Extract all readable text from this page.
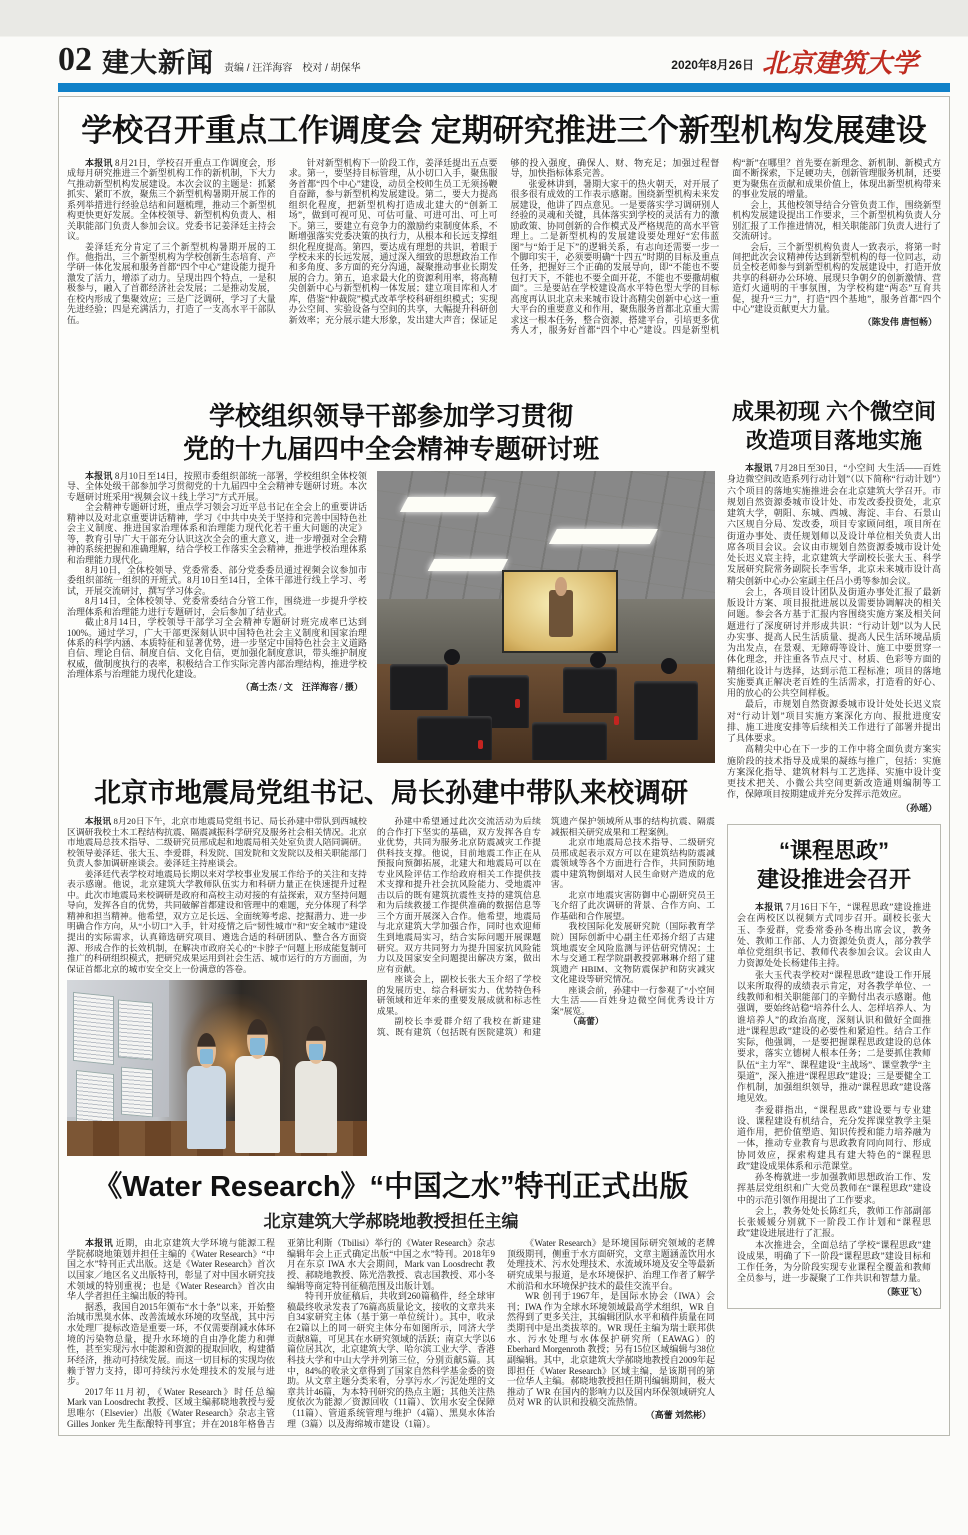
02 建大新闻 责编 / 汪洋海容　校对 / 胡保华	2020年8月26日 北京建筑大学
学校召开重点工作调度会 定期研究推进三个新型机构发展建设

本报讯 8月21日，学校召开重点工作调度会，形成每月研究推进三个新型机构工作的新机制，下大力气推动新型机构发展建设。本次会议的主题是：抓紧抓实、紧盯不放，聚焦三个新型机构暑期开展工作的系列举措进行经验总结和问题梳理，推动三个新型机构更快更好发展。全体校领导、新型机构负责人、相关职能部门负责人参加会议。党委书记姜泽廷主持会议。

姜泽廷充分肯定了三个新型机构暑期开展的工作。他指出，三个新型机构为学校创新生态培育、产学研一体化发展和服务首都“四个中心”建设能力提升激发了活力，增添了动力。呈现出四个特点，一是积极参与，融入了首都经济社会发展；二是推动发展，在校内形成了集聚效应；三是广泛调研，学习了大量先进经验；四是充满活力，打造了一支高水平干部队伍。

针对新型机构下一阶段工作，姜泽廷提出五点要求。第一，要坚持目标管理，从小切口入手，聚焦服务首都“四个中心”建设，动员全校师生员工无须扬鞭自奋蹄，参与新型机构发展建设。第二，要大力提高组织化程度，把新型机构打造成北建大的“创新工场”，做到可视可见、可估可量、可进可出、可上可下。第三，要建立有竞争力的激励约束制度体系，不断增强落实党委决策的执行力，从根本和长远支撑组织化程度提高。第四，要达成有理想的共识，着眼于学校未来的长远发展，通过深入细致的思想政治工作和多角度、多方面的充分沟通，凝聚推动事业长期发展的合力。第五，追求最大化的资源利用率，将高精尖创新中心与新型机构一体发展；建立项目库和人才库，借鉴“仲裁院”模式改革学校科研组织模式；实现办公空间、实验设备与空间的共享，大幅提升科研创新效率；充分展示建大形象，发出建大声音；保证足够的投入强度，确保人、财、物充足；加强过程督导，加快指标体系完善。

张爱林讲到，暑期大家干的热火朝天，对开展了很多很有成效的工作表示感谢。围绕新型机构未来发展建设，他讲了四点意见。一是要落实学习调研别人经验的灵魂和关键，具体落实到学校的灵活有力的激励政策、协同创新的合作模式及严格规范的高水平管理上。二是新型机构的发展建设要处理好“宏伟蓝图”与“始于足下”的逻辑关系，有志向还需要一步一个脚印实干，必须要明确“十四五”时期的目标及重点任务，把握好三个正确的发展导向，即“不能也不要包打天下，不能也不要全面开花，不能也不要撒胡椒面”。三是要站在学校建设高水平特色型大学的目标高度再认识北京未来城市设计高精尖创新中心这一重大平台的重要意义和作用，聚焦服务首都北京重大需求这一根本任务，整合资源，搭建平台，引培更多优秀人才，服务好首都“四个中心”建设。四是新型机构“新”在哪里？首先要在新理念、新机制、新模式方面不断探索，下足硬功夫，创新管理服务机制，还要更为聚焦在贡献和成果价值上，体现出新型机构带来的事业发展的增量。

会上，其他校领导结合分管负责工作，围绕新型机构发展建设提出工作要求，三个新型机构负责人分别汇报了工作推进情况，相关职能部门负责人进行了交流研讨。

会后，三个新型机构负责人一致表示，将第一时间把此次会议精神传达到新型机构的每一位同志，动员全校老师参与到新型机构的发展建设中，打造开放共享的科研办公环境、展现只争朝夕的创新激情、营造灯火通明的干事氛围，为学校构建“两态”互育共促，提升“三力”，打造“四个基地”，服务首都“四个中心”建设贡献更大力量。

（陈发伟 唐恒畅）

学校组织领导干部参加学习贯彻
党的十九届四中全会精神专题研讨班

本报讯 8月10日至14日，按照市委组织部统一部署，学校组织全体校领导、全体处级干部参加学习贯彻党的十九届四中全会精神专题研讨班。本次专题研讨班采用“视频会议＋线上学习”方式开展。

全会精神专题研讨班，重点学习领会习近平总书记在全会上的重要讲话精神以及对北京重要讲话精神，学习《中共中央关于坚持和完善中国特色社会主义制度、推进国家治理体系和治理能力现代化若干重大问题的决定》等，教育引导广大干部充分认识这次全会的重大意义，进一步增强对全会精神的系统把握和准确理解，结合学校工作落实全会精神，推进学校治理体系和治理能力现代化。

8月10日，全体校领导、党委常委、部分党委委员通过视频会议参加市委组织部统一组织的开班式。8月10日至14日，全体干部进行线上学习、考试，开展交流研讨，撰写学习体会。

8月14日，全体校领导、党委常委结合分管工作，围绕进一步提升学校治理体系和治理能力进行专题研讨，会后参加了结业式。

截止8月14日，学校领导干部学习全会精神专题研讨班完成率已达到100%。通过学习，广大干部更深刻认识中国特色社会主义制度和国家治理体系的科学内涵、本质特征和显著优势，进一步坚定中国特色社会主义道路自信、理论自信、制度自信、文化自信，更加强化制度意识，带头维护制度权威，做制度执行的表率，积极结合工作实际完善内部治理结构，推进学校治理体系与治理能力现代化建设。

（高士杰 / 文　汪洋海容 / 摄）

北京市地震局党组书记、局长孙建中带队来校调研

本报讯 8月20日下午，北京市地震局党组书记、局长孙建中带队到西城校区调研我校土木工程结构抗震、隔震减振科学研究及服务社会相关情况。北京市地震局总技术指导、二级研究员邢成起和地震局相关处室负责人陪同调研。校领导姜泽廷、张大玉、李爱群，科发院、国发院和文发院以及相关职能部门负责人参加调研座谈会。姜泽廷主持座谈会。

姜泽廷代表学校对地震局长期以来对学校事业发展工作给予的关注和支持表示感谢。他说，北京建筑大学教师队伍实力和科研力量正在快速提升过程中。此次市地震局来校调研是政府和高校主动对接的有益探索，双方坚持问题导向，发挥各自的优势，共同破解首都建设和管理中的难题，充分体现了科学精神和担当精神。他希望，双方立足长远、全面统筹考虑、挖掘潜力、进一步明确合作方向，从“小切口”入手，针对疫情之后“韧性城市”和“安全城市”建设提出的实际需求，认真筛选研究项目、遴选合适的科研团队、整合各方面资源、形成合作的长效机制，在解决市政府关心的“卡脖子”问题上形成能复制可推广的科研组织模式，把研究成果运用到社会生活、城市运行的方方面面，为保证首都北京的城市安全交上一份满意的答卷。

孙建中希望通过此次交流活动为后续的合作打下坚实的基础，双方发挥各自专业优势，共同为服务北京防震减灾工作提供科技支撑。他说，目前地震工作正在从预报向预御拓展，北建大和地震局可以在专业风险评估工作给政府相关工作提供技术支撑和提升社会抗风险能力、受地震冲击以后的既有建筑抗震性支持的建筑信息和为后续救援工作提供准确的数据信息等三个方面开展深入合作。他希望，地震局与北京建筑大学加强合作，同时也欢迎师生到地震局实习，结合实际问题开展课题研究。双方共同努力为提升国家抗风险能力以及国家安全问题提出解决方案，做出应有贡献。

座谈会上，副校长张大玉介绍了学校的发展历史、综合科研实力、优势特色科研领域和近年来的重要发展成就和标志性成果。

副校长李爱群介绍了我校在新建建筑、既有建筑（包括既有医院建筑）和建筑遗产保护领域所从事的结构抗震、隔震减振相关研究成果和工程案例。

北京市地震局总技术指导、二级研究员邢成起表示双方可以在建筑结构防震减震领域等各个方面进行合作，共同预防地震中建筑物倒塌对人民生命财产造成的危害。

北京市地震灾害防御中心副研究员王飞介绍了此次调研的背景、合作方向、工作基础和合作展望。

我校国际化发展研究院（国际教育学院）国际创新中心副主任邓扬介绍了古建筑地震安全风险监测与评估研究情况；土木与交通工程学院副教授郭琳琳介绍了建筑遗产 HBIM、文物防震保护和防灾减灾文化建设等研究情况。

座谈会前，孙建中一行参观了“小空间 大生活——百姓身边微空间优秀设计方案”展览。

（高蕾）

《Water Research》“中国之水”特刊正式出版
北京建筑大学郝晓地教授担任主编

本报讯 近期，由北京建筑大学环境与能源工程学院郝晓地策划并担任主编的《Water Research》“中国之水”特刊正式出版。这是《Water Research》首次以国家／地区名义出版特刊，彰显了对中国水研究技术领域的特别重视；也是《Water Research》首次由华人学者担任主编出版的特刊。

据悉，我国自2015年颁布“水十条”以来，开始整治城市黑臭水体、改善流域水环境的攻坚战，其中污水处理厂提标改造是重要一环，不仅需要削减水体环境的污染物总量，提升水环境的自由净化能力和弹性，甚至实现污水中能源和资源的提取回收，构建循环经济，推动可持续发展。而这一切目标的实现均依赖于智力支持，即可持续污水处理技术的发展与进步。

2017年11月初，《Water Research》时任总编 Mark van Loosdrecht 教授、区域主编郝晓地教授与爱思唯尔（Elsevier）出版《Water Research》杂志主管 Gilles Jonker 先生酝酿特刊事宜；并在2018年格鲁吉亚第比利斯（Tbilisi）举行的《Water Research》杂志编辑年会上正式确定出版“中国之水”特刊。2018年9月在东京 IWA 水大会期间，Mark van Loosdrecht 教授、郝晓地教授、陈光浩教授、袁志国教授、邓小冬编辑等商定特刊征稿范围及出版计划。

特刊开放征稿后，共收到260篇稿件，经全球审稿最终收录发表了76篇高质量论文，接收的文章共来自34家研究主体（基于第一单位统计）。其中，收录在2篇以上的同一研究主体分布如图所示，同济大学贡献8篇，可见其在水研究领域的活跃；南京大学以6篇位居其次，北京建筑大学、哈尔滨工业大学、香港科技大学和中山大学并列第三位，分别贡献5篇。其中，84%的收录文章得到了国家自然科学基金委的资助。从文章主题分类来看，分享污水／污泥处理的文章共计46篇，为本特刊研究的热点主题；其他关注热度依次为能源／资源回收（11篇）、饮用水安全保障（11篇）、管道系统管理与维护（4篇）、黑臭水体治理（3篇）以及海绵城市建设（1篇）。

《Water Research》是环境国际研究领域的老牌顶级期刊，侧重于水方面研究，文章主题涵盖饮用水处理技术、污水处理技术、水流域环境及安全等最新研究成果与报道，是水环境保护、治理工作者了解学术前沿和水环境保护技术的最佳交流平台。

WR 创刊于1967年，是国际水协会（IWA）会刊；IWA 作为全球水环境领域最高学术组织，WR 自然得到了更多关注，其编辑团队水平和稿件质量在同类期刊中是出类拔萃的。WR 现任主编为瑞士联邦供水、污水处理与水体保护研究所（EAWAG）的 Eberhard Morgenroth 教授；另有15位区域编辑与38位副编辑。其中，北京建筑大学郝晓地教授自2009年起即担任《Water Research》区域主编，是该期刊的第一位华人主编。郝晓地教授担任期刊编辑期间，极大推动了 WR 在国内的影响力以及国内环保领域研究人员对 WR 的认识和投稿交流热情。

（高蕾 刘然彬）

成果初现 六个微空间
改造项目落地实施

本报讯 7月28日至30日，“小空间 大生活——百姓身边微空间改造系列行动计划”（以下简称“行动计划”）六个项目的落地实施推进会在北京建筑大学召开。市规划自然资源委城市设计处、市发改委投资处，北京建筑大学，朝阳、东城、西城、海淀、丰台、石景山六区规自分局、发改委，项目专家顾问组，项目所在街道办事处、责任规划师以及设计单位相关负责人出席各项目会议。会议由市规划自然资源委城市设计处处长迟义宸主持，北京建筑大学副校长张大玉、科学发展研究院常务副院长李雪华，北京未来城市设计高精尖创新中心办公室副主任吕小勇等参加会议。

会上，各项目设计团队及街道办事处汇报了最新版设计方案、项目报批进展以及需要协调解决的相关问题。参会各方基于汇报内容围绕实施方案及相关问题进行了深度研讨并形成共识：“行动计划”以为人民办实事、提高人民生活质量、提高人民生活环境品质为出发点，在景观、无障碍等设计、施工中要贯穿一体化理念，并注重各节点尺寸、材质、色彩等方面的精细化设计与选择，达到示范工程标准；项目的落地实施要真正解决老百姓的生活需求，打造看的好心、用的放心的公共空间样板。

最后，市规划自然资源委城市设计处处长迟义宸对“行动计划”项目实施方案深化方向、报批进度安排、施工进度安排等后续相关工作进行了部署并提出了具体要求。

高精尖中心在下一步的工作中将全面负责方案实施阶段的技术指导及成果的凝练与推广，包括：实施方案深化指导、建筑材料与工艺选择、实施中设计变更技术把关、小微公共空间更新改造通则编制等工作，保障项目按期建成并充分发挥示范效应。

（孙瑶）

“课程思政”
建设推进会召开

本报讯 7月16日下午，“课程思政”建设推进会在两校区以视频方式同步召开。副校长张大玉、李爱群，党委常委孙冬梅出席会议，教务处、教师工作部、人力资源处负责人，部分教学单位党组织书记、教师代表参加会议。会议由人力资源处处长杨建伟主持。

张大玉代表学校对“课程思政”建设工作开展以来所取得的成绩表示肯定，对各教学单位、一线教师和相关职能部门的辛勤付出表示感谢。他强调，要始终站稳“培养什么人、怎样培养人、为谁培养人”的政治高度，深刻认识和做好全面推进“课程思政”建设的必要性和紧迫性。结合工作实际，他强调，一是要把握课程思政建设的总体要求，落实立德树人根本任务；二是要抓住教师队伍“主力军”、课程建设“主战场”、课堂教学“主渠道”，深入推进“课程思政”建设；三是要健全工作机制，加强组织领导，推动“课程思政”建设落地见效。

李爱群指出，“课程思政”建设要与专业建设、课程建设有机结合，充分发挥课堂教学主渠道作用，把价值塑造、知识传授和能力培养融为一体，推动专业教育与思政教育同向同行、形成协同效应，探索构建具有建大特色的“课程思政”建设成果体系和示范课堂。

孙冬梅就进一步加强教师思想政治工作、发挥基层党组织和广大党员教师在“课程思政”建设中的示范引领作用提出了工作要求。

会上，教务处处长陈红兵，教师工作部副部长张媛媛分别就下一阶段工作计划和“课程思政”建设进展进行了汇报。

本次推进会，全面总结了学校“课程思政”建设成果，明确了下一阶段“课程思政”建设目标和工作任务，为分阶段实现专业课程全覆盖和教师全员参与，进一步凝聚了工作共识和智慧力量。

（陈亚飞）
